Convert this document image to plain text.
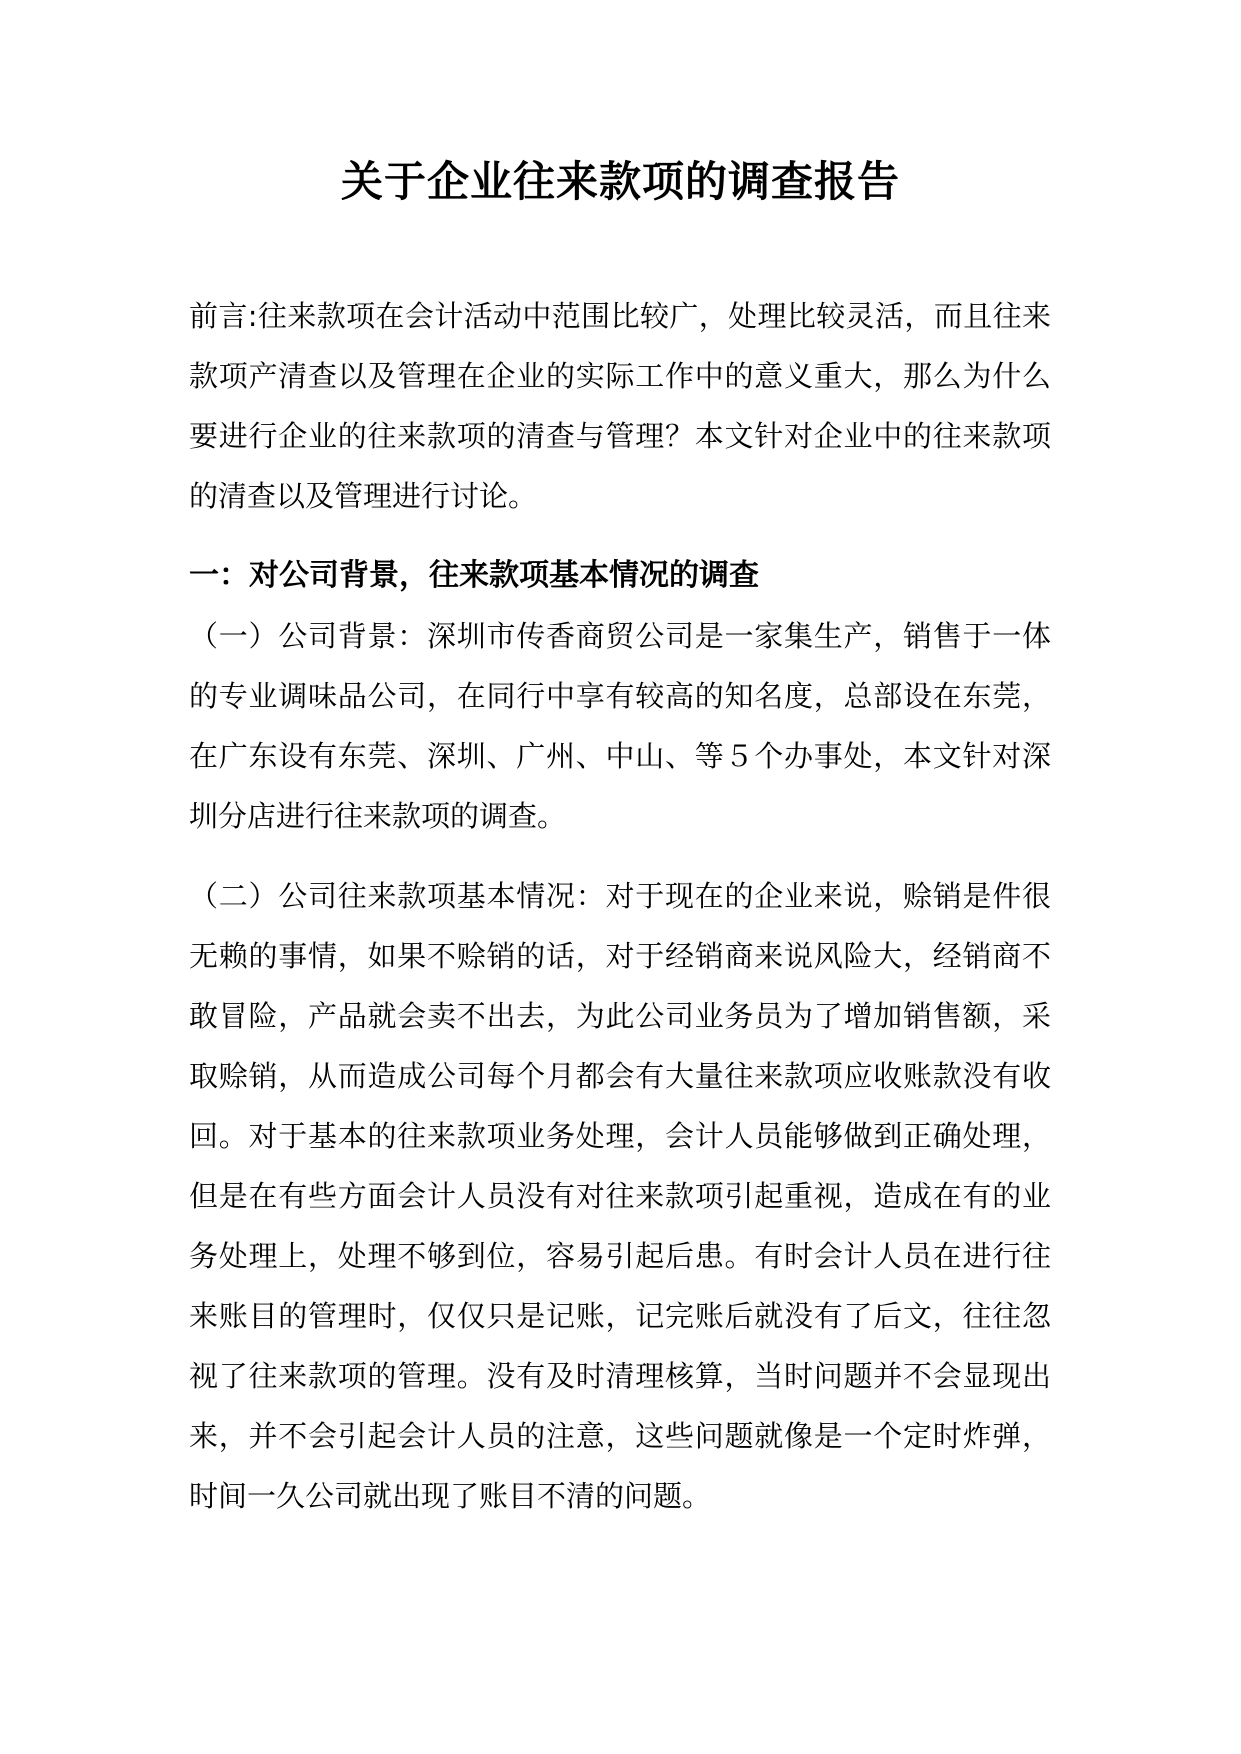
关于企业往来款项的调查报告

前言:往来款项在会计活动中范围比较广，处理比较灵活，而且往来款项产清查以及管理在企业的实际工作中的意义重大，那么为什么要进行企业的往来款项的清查与管理？本文针对企业中的往来款项的清查以及管理进行讨论。

一：对公司背景，往来款项基本情况的调查

（一）公司背景：深圳市传香商贸公司是一家集生产，销售于一体的专业调味品公司，在同行中享有较高的知名度，总部设在东莞，在广东设有东莞、深圳、广州、中山、等５个办事处，本文针对深圳分店进行往来款项的调查。

（二）公司往来款项基本情况：对于现在的企业来说，赊销是件很无赖的事情，如果不赊销的话，对于经销商来说风险大，经销商不敢冒险，产品就会卖不出去，为此公司业务员为了增加销售额，采取赊销，从而造成公司每个月都会有大量往来款项应收账款没有收回。对于基本的往来款项业务处理，会计人员能够做到正确处理，但是在有些方面会计人员没有对往来款项引起重视，造成在有的业务处理上，处理不够到位，容易引起后患。有时会计人员在进行往来账目的管理时，仅仅只是记账，记完账后就没有了后文，往往忽视了往来款项的管理。没有及时清理核算，当时问题并不会显现出来，并不会引起会计人员的注意，这些问题就像是一个定时炸弹，时间一久公司就出现了账目不清的问题。
